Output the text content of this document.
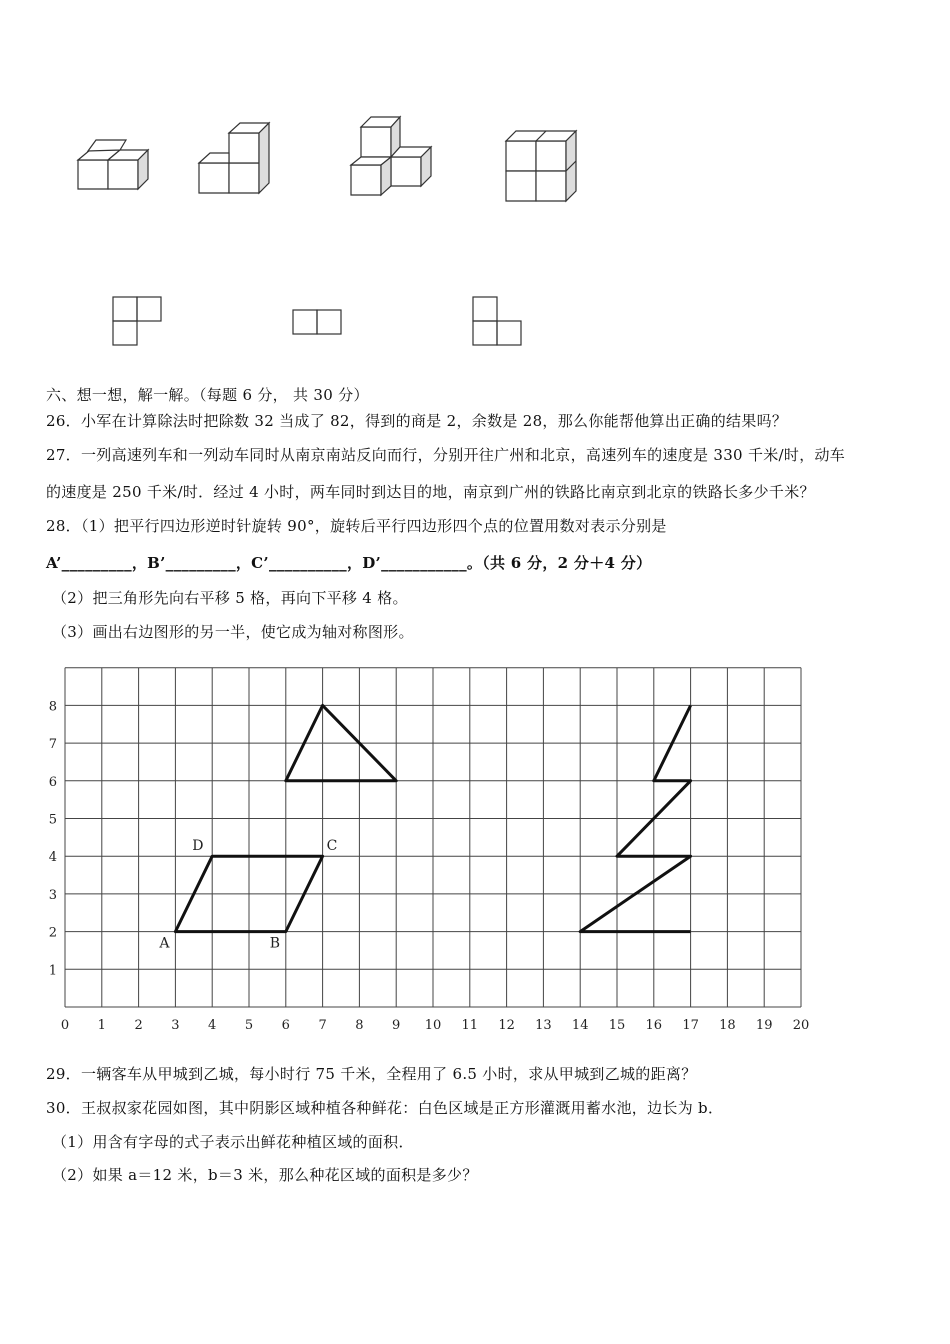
六、想一想，解一解。（每题 6 分， 共 30 分）
26．小军在计算除法时把除数 32 当成了 82，得到的商是 2，余数是 28，那么你能帮他算出正确的结果吗？
27．一列高速列车和一列动车同时从南京南站反向而行，分别开往广州和北京，高速列车的速度是 330 千米/时，动车
的速度是 250 千米/时．经过 4 小时，两车同时到达目的地，南京到广州的铁路比南京到北京的铁路长多少千米？
28．（1）把平行四边形逆时针旋转 90°，旋转后平行四边形四个点的位置用数对表示分别是
A’_________，B’_________，C’__________，D’___________。（共 6 分，2 分＋4 分）
（2）把三角形先向右平移 5 格，再向下平移 4 格。
（3）画出右边图形的另一半，使它成为轴对称图形。
0 1 2 3 4 5 6 7 8 9 10 11 12 13 14 15 16 17 18 19 20
1
2
3
4
5
6
7
8
A	B
C
D
29．一辆客车从甲城到乙城，每小时行 75 千米，全程用了 6.5 小时，求从甲城到乙城的距离？
30．王叔叔家花园如图，其中阴影区域种植各种鲜花：白色区域是正方形灌溉用蓄水池，边长为 b．
（1）用含有字母的式子表示出鲜花种植区域的面积．
（2）如果 a＝12 米，b＝3 米，那么种花区域的面积是多少？
